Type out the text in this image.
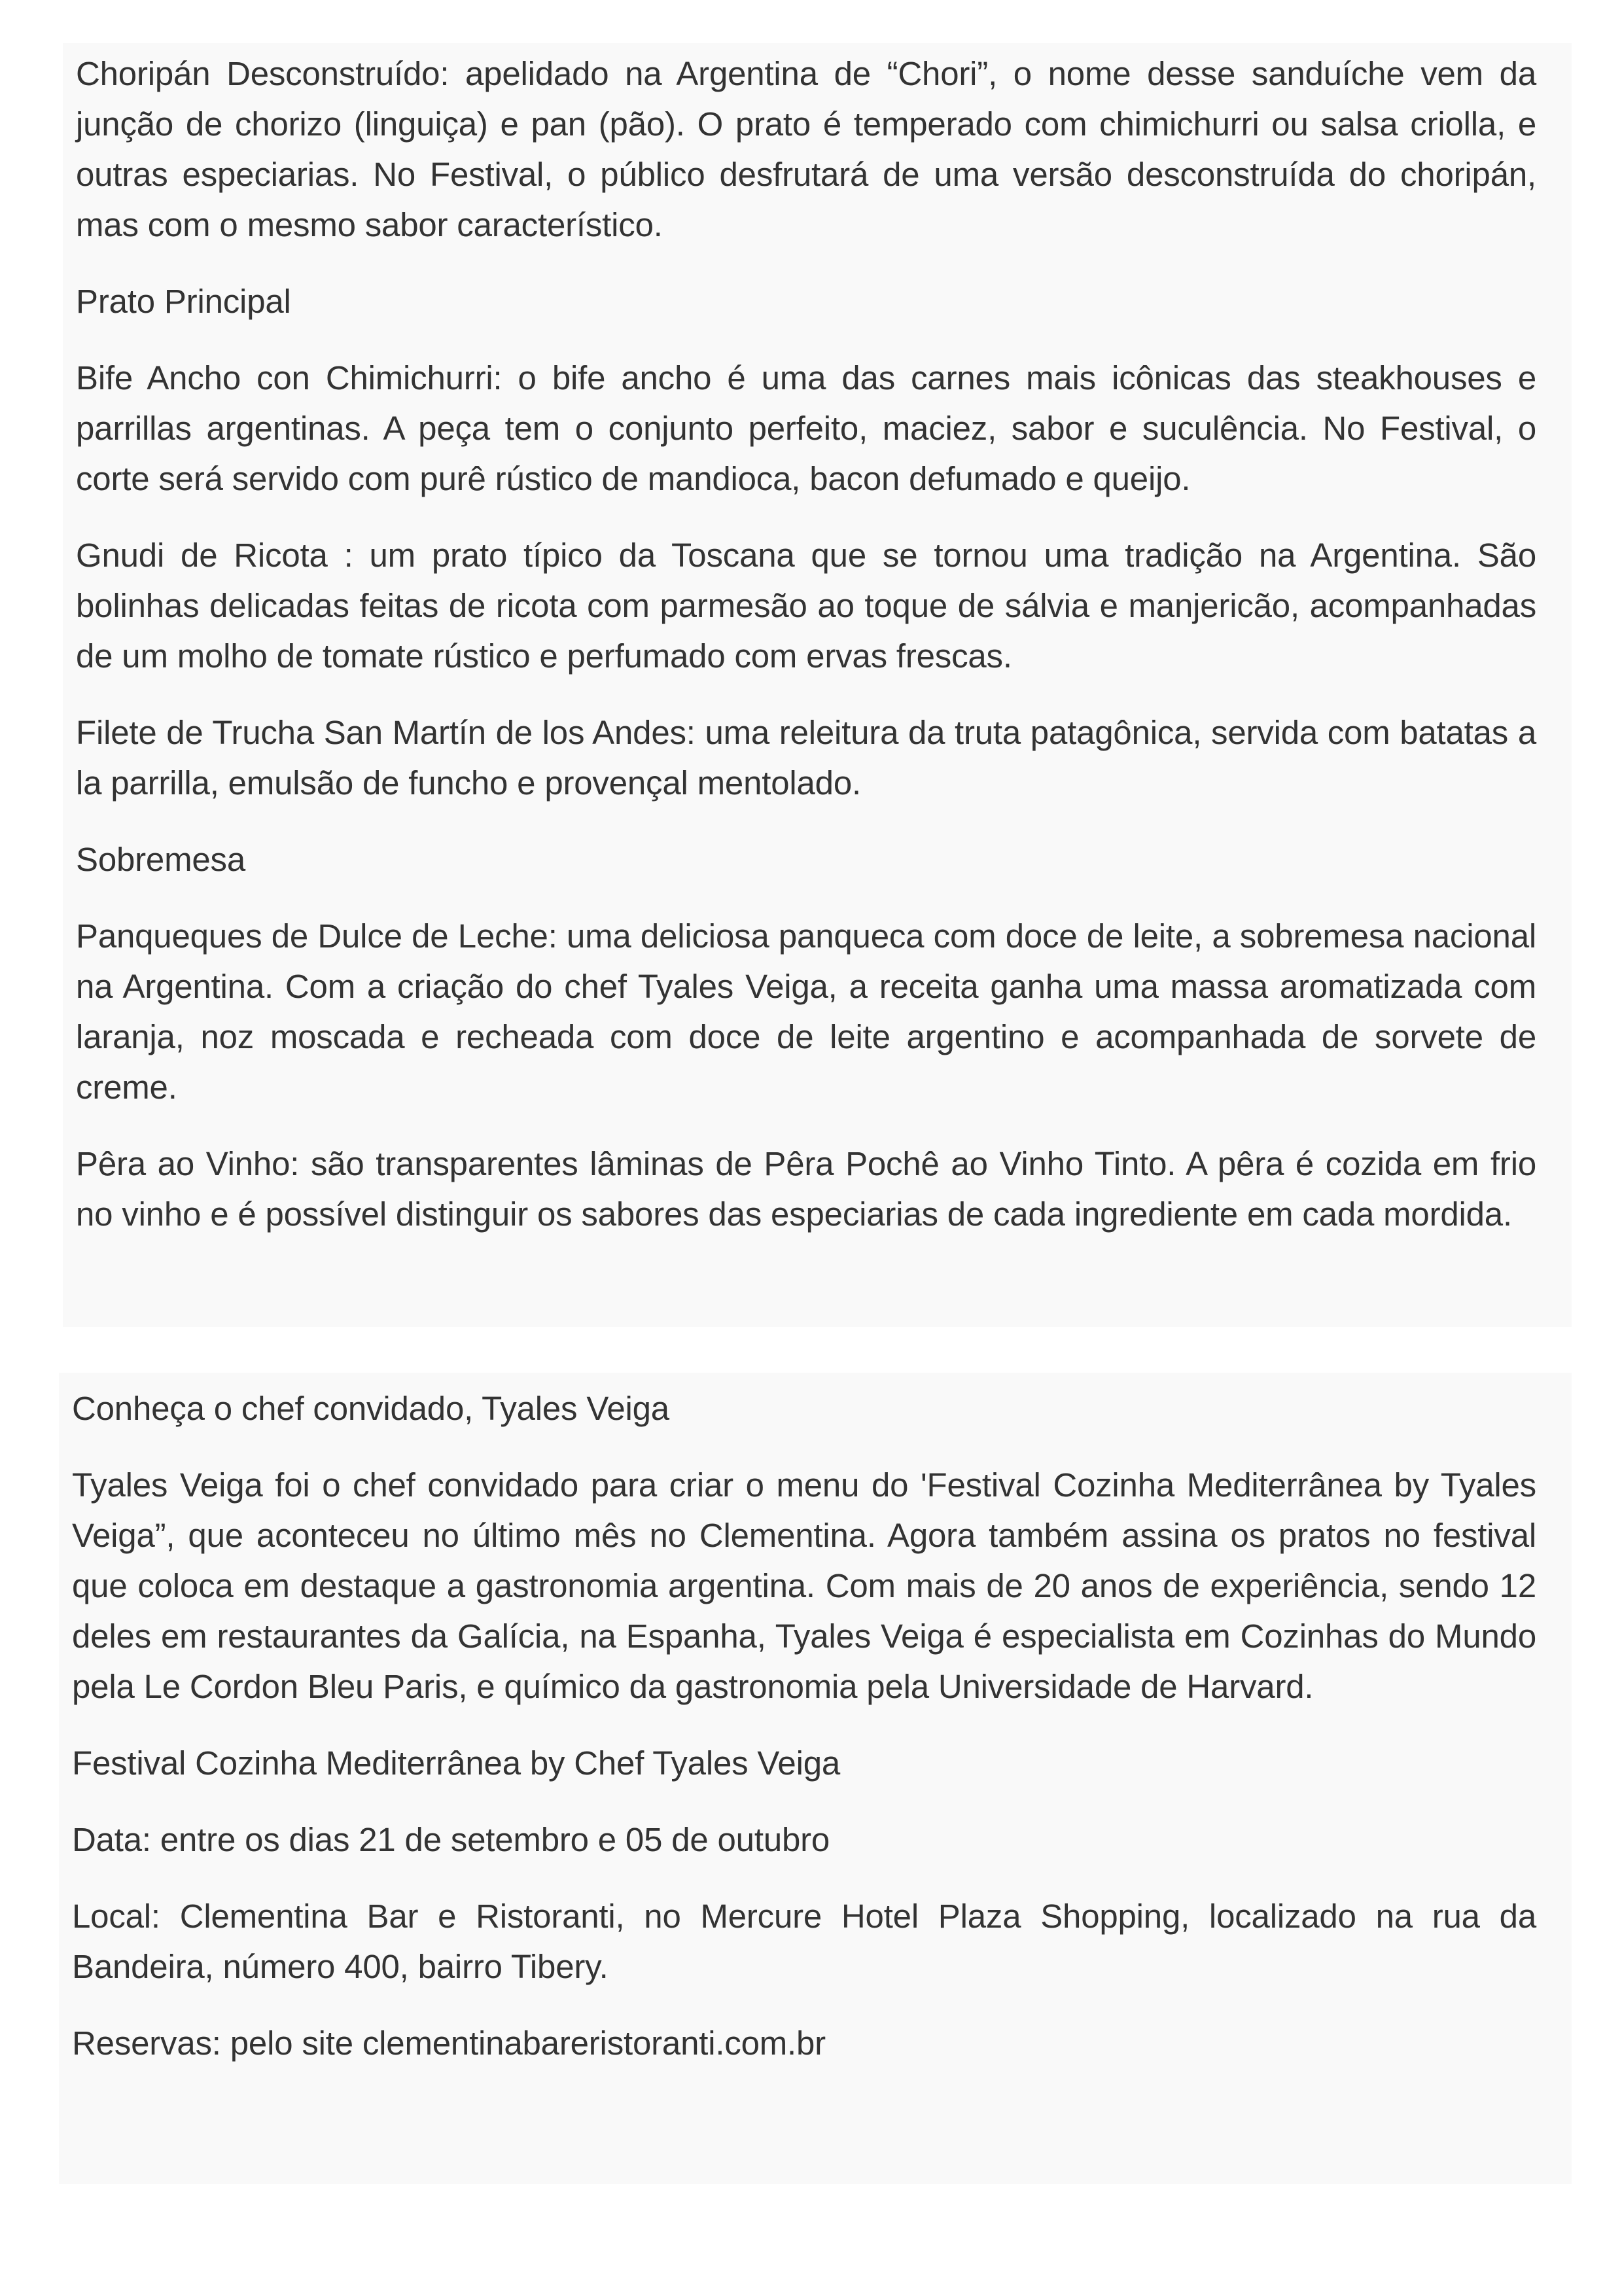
Choripán Desconstruído: apelidado na Argentina de “Chori”, o nome desse sanduíche vem da junção de chorizo (linguiça) e pan (pão). O prato é temperado com chimichurri ou salsa criolla, e outras especiarias. No Festival, o público desfrutará de uma versão desconstruída do choripán, mas com o mesmo sabor característico.

Prato Principal

Bife Ancho con Chimichurri: o bife ancho é uma das carnes mais icônicas das steakhouses e parrillas argentinas. A peça tem o conjunto perfeito, maciez, sabor e suculência. No Festival, o corte será servido com purê rústico de mandioca, bacon defumado e queijo.

Gnudi de Ricota : um prato típico da Toscana que se tornou uma tradição na Argentina. São bolinhas delicadas feitas de ricota com parmesão ao toque de sálvia e manjericão, acompanhadas de um molho de tomate rústico e perfumado com ervas frescas.

Filete de Trucha San Martín de los Andes: uma releitura da truta patagônica, servida com batatas a la parrilla, emulsão de funcho e provençal mentolado.

Sobremesa

Panqueques de Dulce de Leche: uma deliciosa panqueca com doce de leite, a sobremesa nacional na Argentina. Com a criação do chef Tyales Veiga, a receita ganha uma massa aromatizada com laranja, noz moscada e recheada com doce de leite argentino e acompanhada de sorvete de creme.

Pêra ao Vinho: são transparentes lâminas de Pêra Pochê ao Vinho Tinto. A pêra é cozida em frio no vinho e é possível distinguir os sabores das especiarias de cada ingrediente em cada mordida.

Conheça o chef convidado, Tyales Veiga

Tyales Veiga foi o chef convidado para criar o menu do 'Festival Cozinha Mediterrânea by Tyales Veiga”, que aconteceu no último mês no Clementina. Agora também assina os pratos no festival que coloca em destaque a gastronomia argentina. Com mais de 20 anos de experiência, sendo 12 deles em restaurantes da Galícia, na Espanha, Tyales Veiga é especialista em Cozinhas do Mundo pela Le Cordon Bleu Paris, e químico da gastronomia pela Universidade de Harvard.

Festival Cozinha Mediterrânea by Chef Tyales Veiga

Data: entre os dias 21 de setembro e 05 de outubro

Local: Clementina Bar e Ristoranti, no Mercure Hotel Plaza Shopping, localizado na rua da Bandeira, número 400, bairro Tibery.

Reservas: pelo site clementinabareristoranti.com.br
